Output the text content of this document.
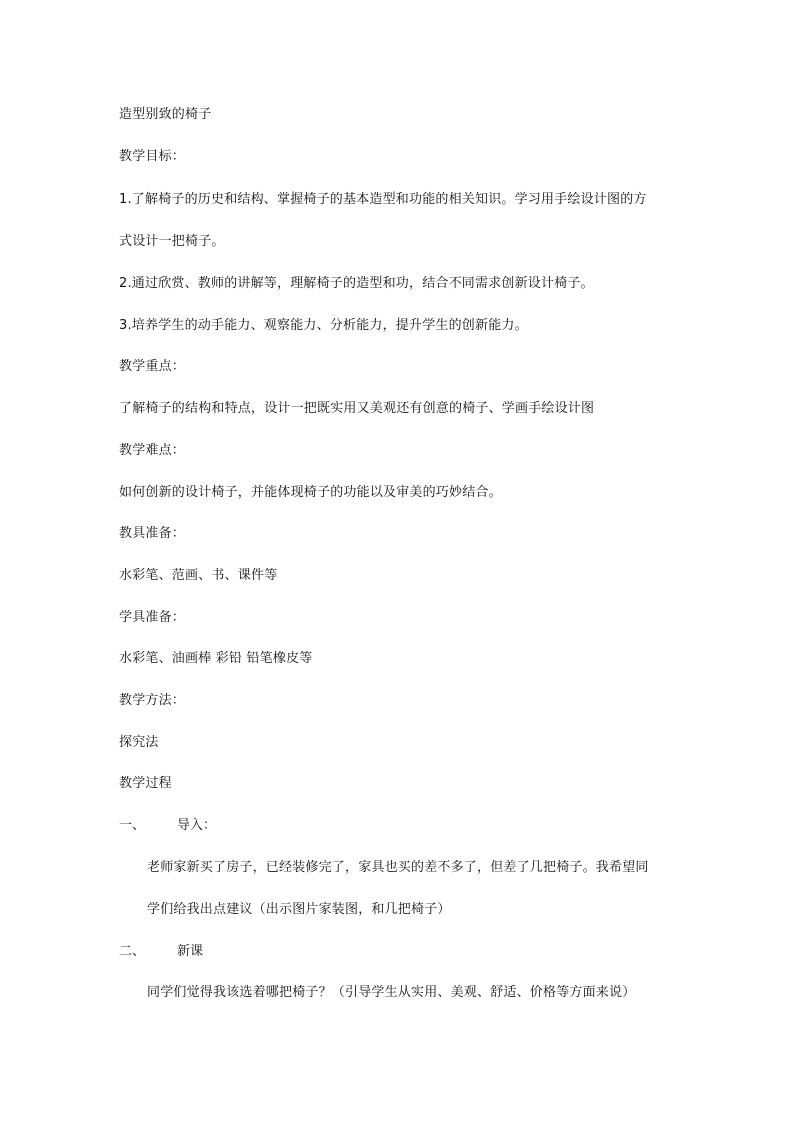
造型别致的椅子
教学目标：
1.了解椅子的历史和结构、掌握椅子的基本造型和功能的相关知识。学习用手绘设计图的方
式设计一把椅子。
2.通过欣赏、教师的讲解等，理解椅子的造型和功，结合不同需求创新设计椅子。
3.培养学生的动手能力、观察能力、分析能力，提升学生的创新能力。
教学重点：
了解椅子的结构和特点，设计一把既实用又美观还有创意的椅子、学画手绘设计图
教学难点：
如何创新的设计椅子，并能体现椅子的功能以及审美的巧妙结合。
教具准备：
水彩笔、范画、书、课件等
学具准备：
水彩笔、油画棒 彩铅 铅笔橡皮等
教学方法：
探究法
教学过程
一、 导入：
老师家新买了房子，已经装修完了，家具也买的差不多了，但差了几把椅子。我希望同
学们给我出点建议（出示图片家装图，和几把椅子）
二、 新课
同学们觉得我该选着哪把椅子？（引导学生从实用、美观、舒适、价格等方面来说）
